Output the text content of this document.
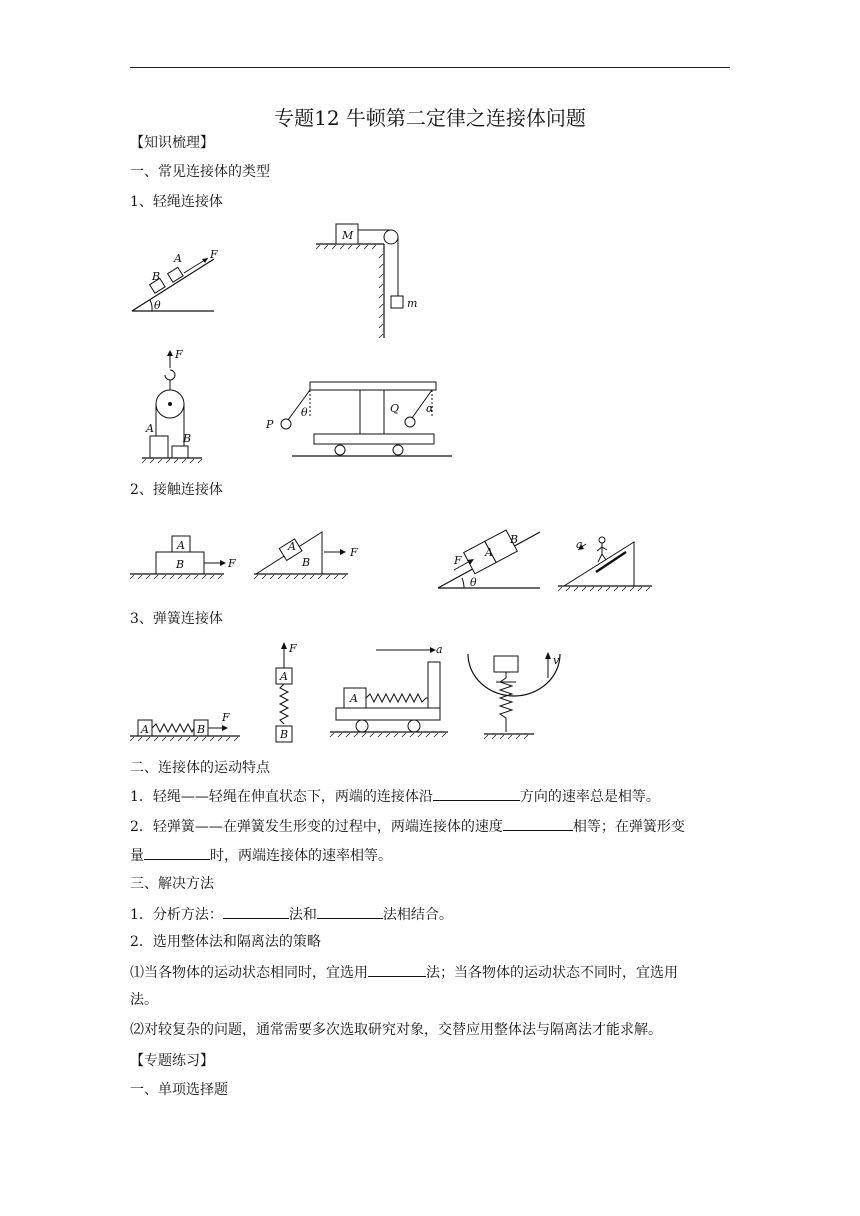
专题12 牛顿第二定律之连接体问题
【知识梳理】
一、常见连接体的类型
1、轻绳连接体
B
A	F
θ
M
m
F
A
B
P
θ	Q α
2、接触连接体
A
B	F
A
B
F
F
A
B
θ
a
3、弹簧连接体
A	B
F
F
A
B
a
A
v
二、连接体的运动特点
1．轻绳——轻绳在伸直状态下，两端的连接体沿	方向的速率总是相等。
2．轻弹簧——在弹簧发生形变的过程中，两端连接体的速度	相等；在弹簧形变
量	时，两端连接体的速率相等。
三、解决方法
1．分析方法：	法和	法相结合。
2．选用整体法和隔离法的策略
⑴当各物体的运动状态相同时，宜选用	法；当各物体的运动状态不同时，宜选用
法。
⑵对较复杂的问题，通常需要多次选取研究对象，交替应用整体法与隔离法才能求解。
【专题练习】
一、单项选择题
